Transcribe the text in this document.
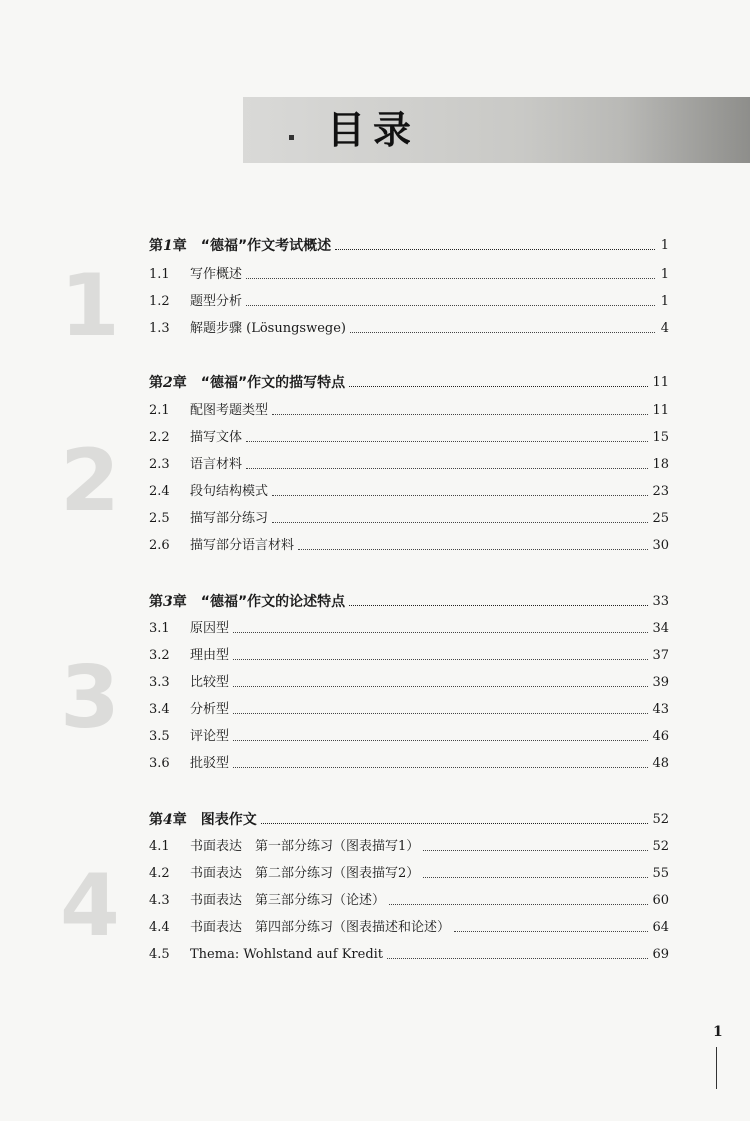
目录
1
2
3
4
第1章  “德福”作文考试概述	1
1.1	写作概述	1
1.2	题型分析	1
1.3	解题步骤 (Lösungswege)	4
第2章  “德福”作文的描写特点	11
2.1	配图考题类型	11
2.2	描写文体	15
2.3	语言材料	18
2.4	段句结构模式	23
2.5	描写部分练习	25
2.6	描写部分语言材料	30
第3章  “德福”作文的论述特点	33
3.1	原因型	34
3.2	理由型	37
3.3	比较型	39
3.4	分析型	43
3.5	评论型	46
3.6	批驳型	48
第4章  图表作文	52
4.1	书面表达　第一部分练习（图表描写1）	52
4.2	书面表达　第二部分练习（图表描写2）	55
4.3	书面表达　第三部分练习（论述）	60
4.4	书面表达　第四部分练习（图表描述和论述）	64
4.5	Thema: Wohlstand auf Kredit	69
1
